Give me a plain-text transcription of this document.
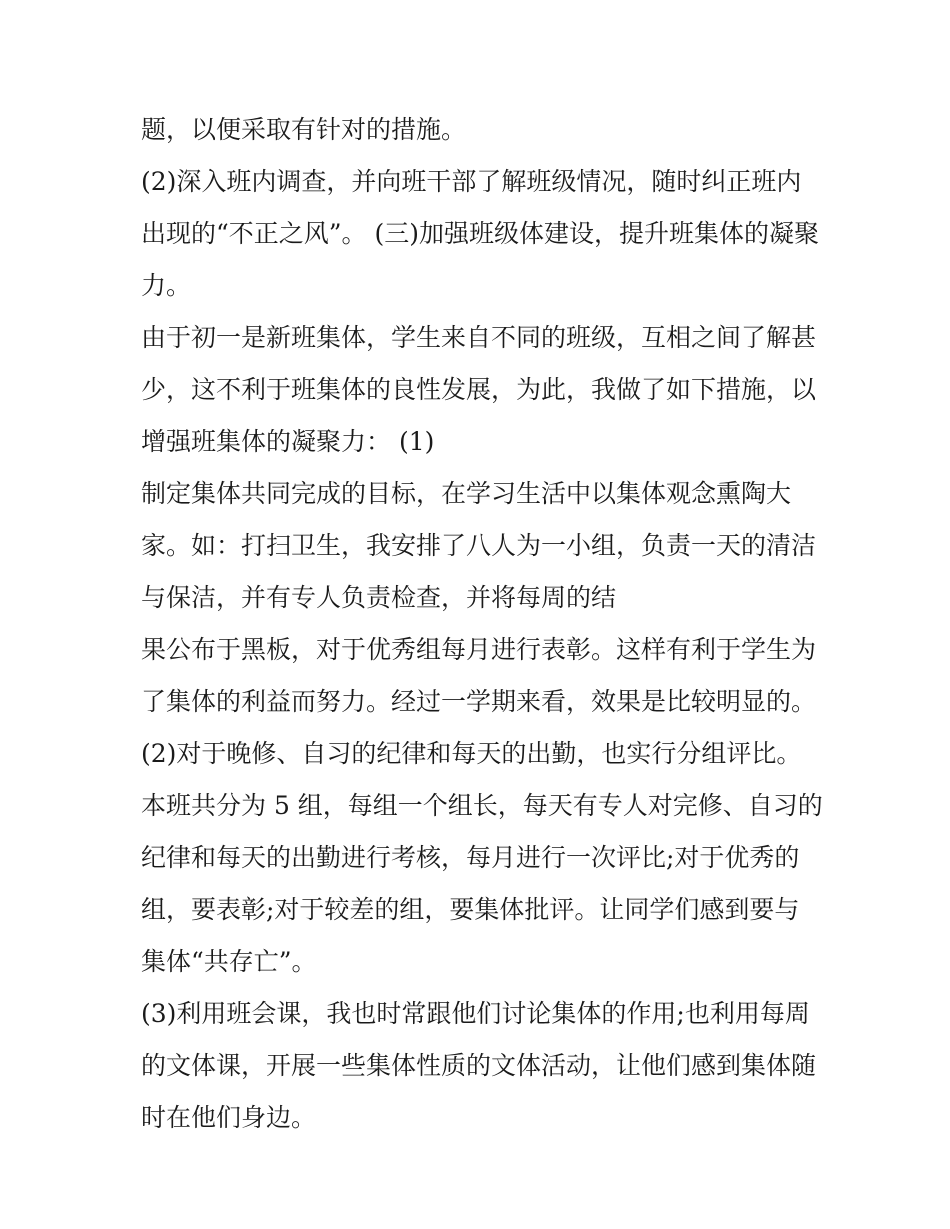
题，以便采取有针对的措施。
(2)深入班内调查，并向班干部了解班级情况，随时纠正班内
出现的“不正之风”。 (三)加强班级体建设，提升班集体的凝聚
力。
由于初一是新班集体，学生来自不同的班级，互相之间了解甚
少，这不利于班集体的良性发展，为此，我做了如下措施，以
增强班集体的凝聚力： (1)
制定集体共同完成的目标，在学习生活中以集体观念熏陶大
家。如：打扫卫生，我安排了八人为一小组，负责一天的清洁
与保洁，并有专人负责检查，并将每周的结
果公布于黑板，对于优秀组每月进行表彰。这样有利于学生为
了集体的利益而努力。经过一学期来看，效果是比较明显的。
(2)对于晚修、自习的纪律和每天的出勤，也实行分组评比。
本班共分为 5 组，每组一个组长，每天有专人对完修、自习的
纪律和每天的出勤进行考核，每月进行一次评比;对于优秀的
组，要表彰;对于较差的组，要集体批评。让同学们感到要与
集体“共存亡”。
(3)利用班会课，我也时常跟他们讨论集体的作用;也利用每周
的文体课，开展一些集体性质的文体活动，让他们感到集体随
时在他们身边。
